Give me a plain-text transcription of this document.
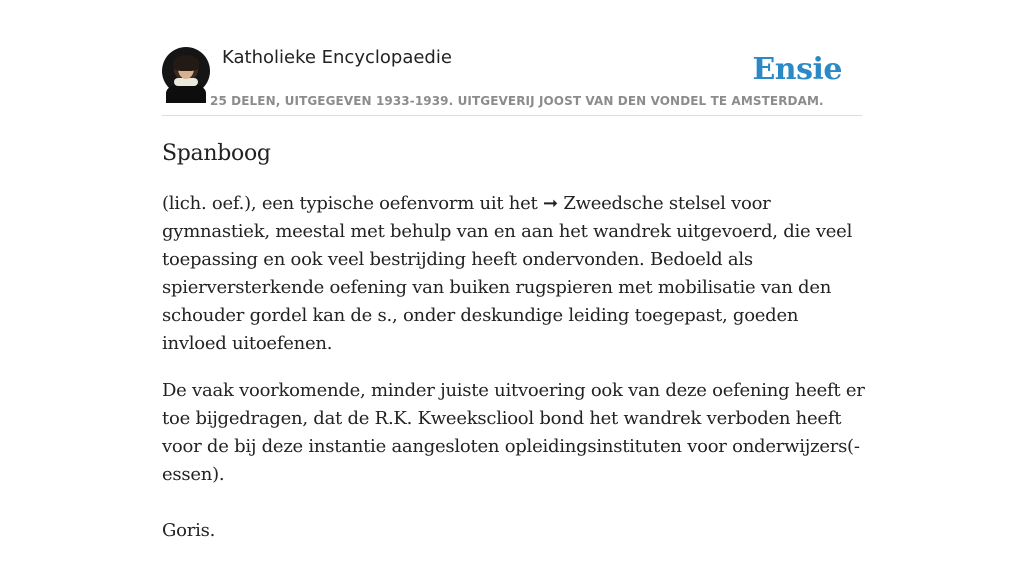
Katholieke Encyclopaedie
25 DELEN, UITGEGEVEN 1933-1939. UITGEVERIJ JOOST VAN DEN VONDEL TE AMSTERDAM.
Ensie
Spanboog

(lich. oef.), een typische oefenvorm uit het ➞ Zweedsche stelsel voor gymnastiek, meestal met behulp van en aan het wandrek uitgevoerd, die veel toepassing en ook veel bestrijding heeft ondervonden. Bedoeld als spierversterkende oefening van buiken rugspieren met mobilisatie van den schouder gordel kan de s., onder deskundige leiding toegepast, goeden invloed uitoefenen.

De vaak voorkomende, minder juiste uitvoering ook van deze oefening heeft er toe bijgedragen, dat de R.K. Kweekscliool bond het wandrek verboden heeft voor de bij deze instantie aangesloten opleidingsinstituten voor onderwijzers(-essen).

Goris.
